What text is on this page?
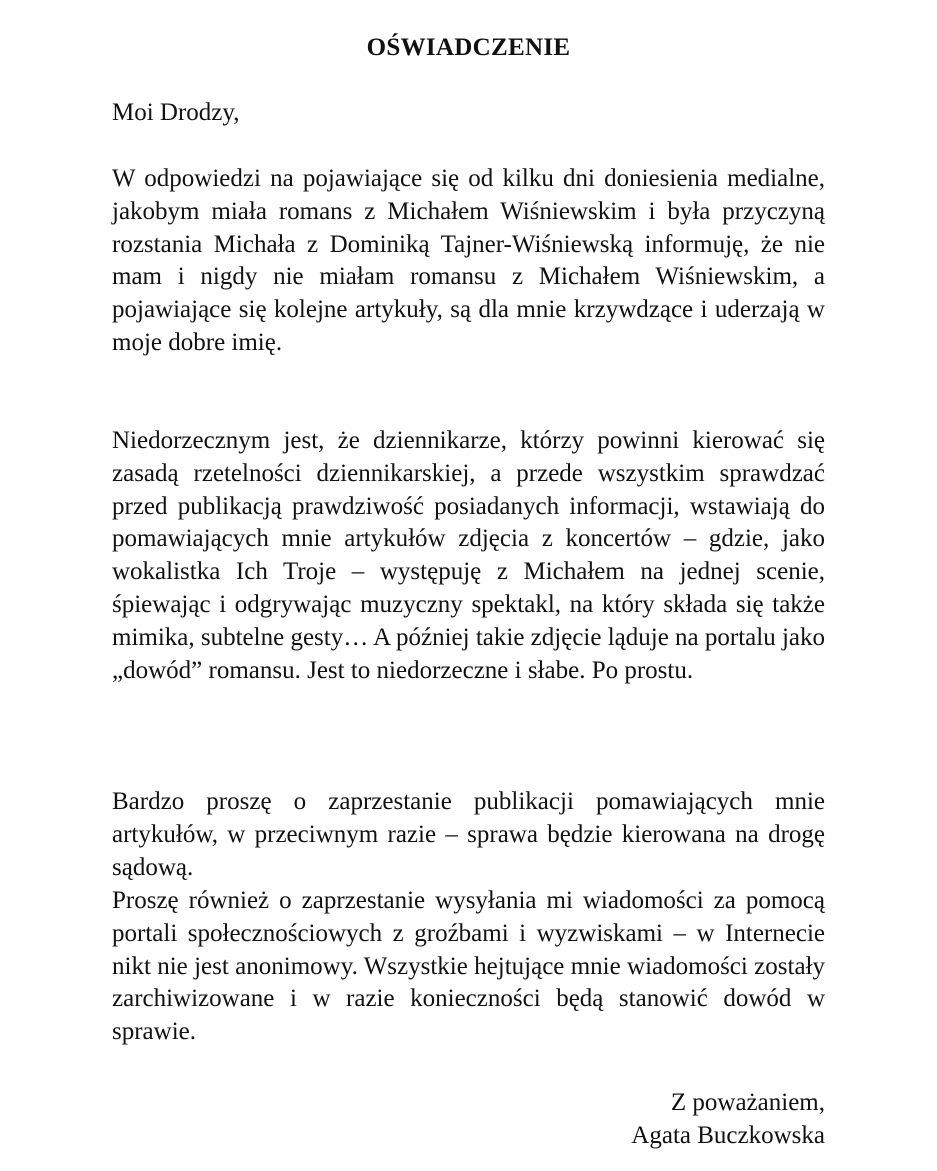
OŚWIADCZENIE
Moi Drodzy,
W odpowiedzi na pojawiające się od kilku dni doniesienia medialne, jakobym miała romans z Michałem Wiśniewskim i była przyczyną rozstania Michała z Dominiką Tajner-Wiśniewską informuję, że nie mam i nigdy nie miałam romansu z Michałem Wiśniewskim, a pojawiające się kolejne artykuły, są dla mnie krzywdzące i uderzają w moje dobre imię.
Niedorzecznym jest, że dziennikarze, którzy powinni kierować się zasadą rzetelności dziennikarskiej, a przede wszystkim sprawdzać przed publikacją prawdziwość posiadanych informacji, wstawiają do pomawiających mnie artykułów zdjęcia z koncertów – gdzie, jako wokalistka Ich Troje – występuję z Michałem na jednej scenie, śpiewając i odgrywając muzyczny spektakl, na który składa się także mimika, subtelne gesty… A później takie zdjęcie ląduje na portalu jako „dowód” romansu. Jest to niedorzeczne i słabe. Po prostu.
Bardzo proszę o zaprzestanie publikacji pomawiających mnie artykułów, w przeciwnym razie – sprawa będzie kierowana na drogę sądową.
Proszę również o zaprzestanie wysyłania mi wiadomości za pomocą portali społecznościowych z groźbami i wyzwiskami – w Internecie nikt nie jest anonimowy. Wszystkie hejtujące mnie wiadomości zostały zarchiwizowane i w razie konieczności będą stanowić dowód w sprawie.
Z poważaniem,
Agata Buczkowska
